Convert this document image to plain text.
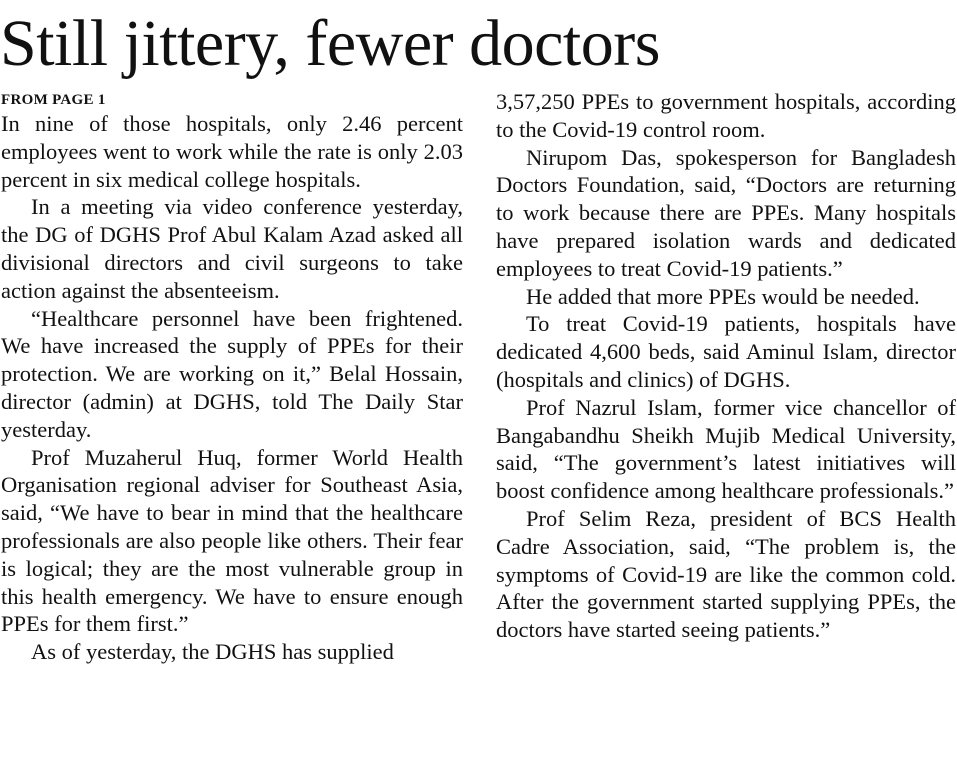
Still jittery, fewer doctors
FROM PAGE 1

In nine of those hospitals, only 2.46 percent employees went to work while the rate is only 2.03 percent in six medical college hospitals.

In a meeting via video conference yesterday, the DG of DGHS Prof Abul Kalam Azad asked all divisional directors and civil surgeons to take action against the absenteeism.

“Healthcare personnel have been frightened. We have increased the supply of PPEs for their protection. We are working on it,” Belal Hossain, director (admin) at DGHS, told The Daily Star yesterday.

Prof Muzaherul Huq, former World Health Organisation regional adviser for Southeast Asia, said, “We have to bear in mind that the healthcare professionals are also people like others. Their fear is logical; they are the most vulnerable group in this health emergency. We have to ensure enough PPEs for them first.”

As of yesterday, the DGHS has supplied

3,57,250 PPEs to government hospitals, according to the Covid-19 control room.

Nirupom Das, spokesperson for Bangladesh Doctors Foundation, said, “Doctors are returning to work because there are PPEs. Many hospitals have prepared isolation wards and dedicated employees to treat Covid-19 patients.”

He added that more PPEs would be needed.

To treat Covid-19 patients, hospitals have dedicated 4,600 beds, said Aminul Islam, director (hospitals and clinics) of DGHS.

Prof Nazrul Islam, former vice chancellor of Bangabandhu Sheikh Mujib Medical University, said, “The government’s latest initiatives will boost confidence among healthcare professionals.”

Prof Selim Reza, president of BCS Health Cadre Association, said, “The problem is, the symptoms of Covid-19 are like the common cold. After the government started supplying PPEs, the doctors have started seeing patients.”
